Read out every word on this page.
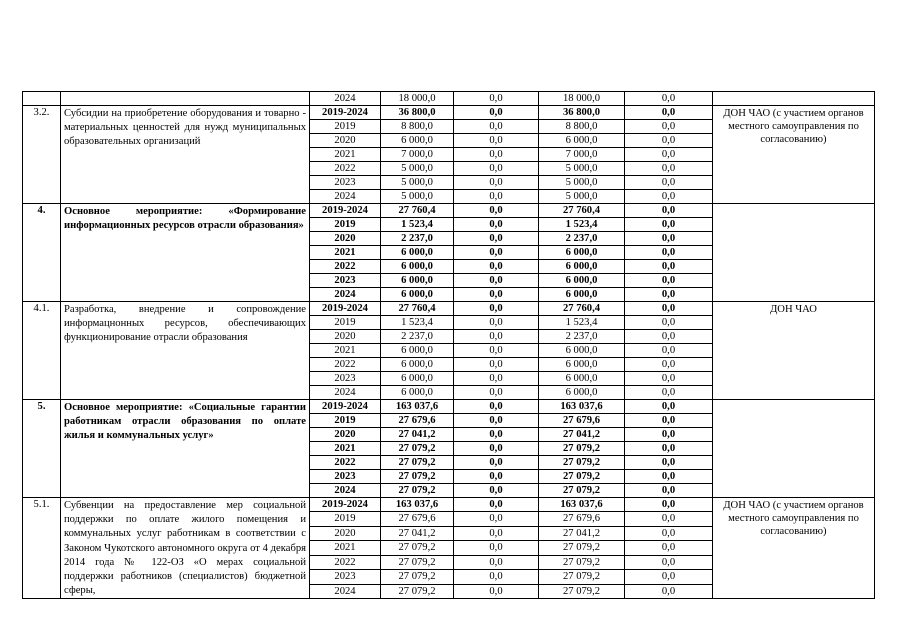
		2024	18 000,0	0,0	18 000,0	0,0	
3.2.	Субсидии на приобретение оборудования и товарно - материальных ценностей для нужд муниципальных образовательных организаций	2019-2024	36 800,0	0,0	36 800,0	0,0	ДОН ЧАО (с участием органов местного самоуправления по согласованию)
		2019	8 800,0	0,0	8 800,0	0,0	
		2020	6 000,0	0,0	6 000,0	0,0	
		2021	7 000,0	0,0	7 000,0	0,0	
		2022	5 000,0	0,0	5 000,0	0,0	
		2023	5 000,0	0,0	5 000,0	0,0	
		2024	5 000,0	0,0	5 000,0	0,0	
4.	Основное мероприятие: «Формирование информационных ресурсов отрасли образования»	2019-2024	27 760,4	0,0	27 760,4	0,0	
		2019	1 523,4	0,0	1 523,4	0,0	
		2020	2 237,0	0,0	2 237,0	0,0	
		2021	6 000,0	0,0	6 000,0	0,0	
		2022	6 000,0	0,0	6 000,0	0,0	
		2023	6 000,0	0,0	6 000,0	0,0	
		2024	6 000,0	0,0	6 000,0	0,0	
4.1.	Разработка, внедрение и сопровождение информацнонных ресурсов, обеспечивающих функционирование отрасли образования	2019-2024	27 760,4	0,0	27 760,4	0,0	ДОН ЧАО
		2019	1 523,4	0,0	1 523,4	0,0	
		2020	2 237,0	0,0	2 237,0	0,0	
		2021	6 000,0	0,0	6 000,0	0,0	
		2022	6 000,0	0,0	6 000,0	0,0	
		2023	6 000,0	0,0	6 000,0	0,0	
		2024	6 000,0	0,0	6 000,0	0,0	
5.	Основное мероприятие: «Социальные гарантии работникам отрасли образования по оплате жилья и коммунальных услуг»	2019-2024	163 037,6	0,0	163 037,6	0,0	
		2019	27 679,6	0,0	27 679,6	0,0	
		2020	27 041,2	0,0	27 041,2	0,0	
		2021	27 079,2	0,0	27 079,2	0,0	
		2022	27 079,2	0,0	27 079,2	0,0	
		2023	27 079,2	0,0	27 079,2	0,0	
		2024	27 079,2	0,0	27 079,2	0,0	
5.1.	Субвенции на предоставление мер социальной поддержки по оплате жилого помещения и коммунальных услуг работникам в соответствии с Законом Чукотского автономного округа от 4 декабря 2014 года № 122-ОЗ «О мерах социальной поддержки работников (специалистов) бюджетной сферы,	2019-2024	163 037,6	0,0	163 037,6	0,0	ДОН ЧАО (с участием органов местного самоуправления по согласованию)
		2019	27 679,6	0,0	27 679,6	0,0	
		2020	27 041,2	0,0	27 041,2	0,0	
		2021	27 079,2	0,0	27 079,2	0,0	
		2022	27 079,2	0,0	27 079,2	0,0	
		2023	27 079,2	0,0	27 079,2	0,0	
		2024	27 079,2	0,0	27 079,2	0,0	
